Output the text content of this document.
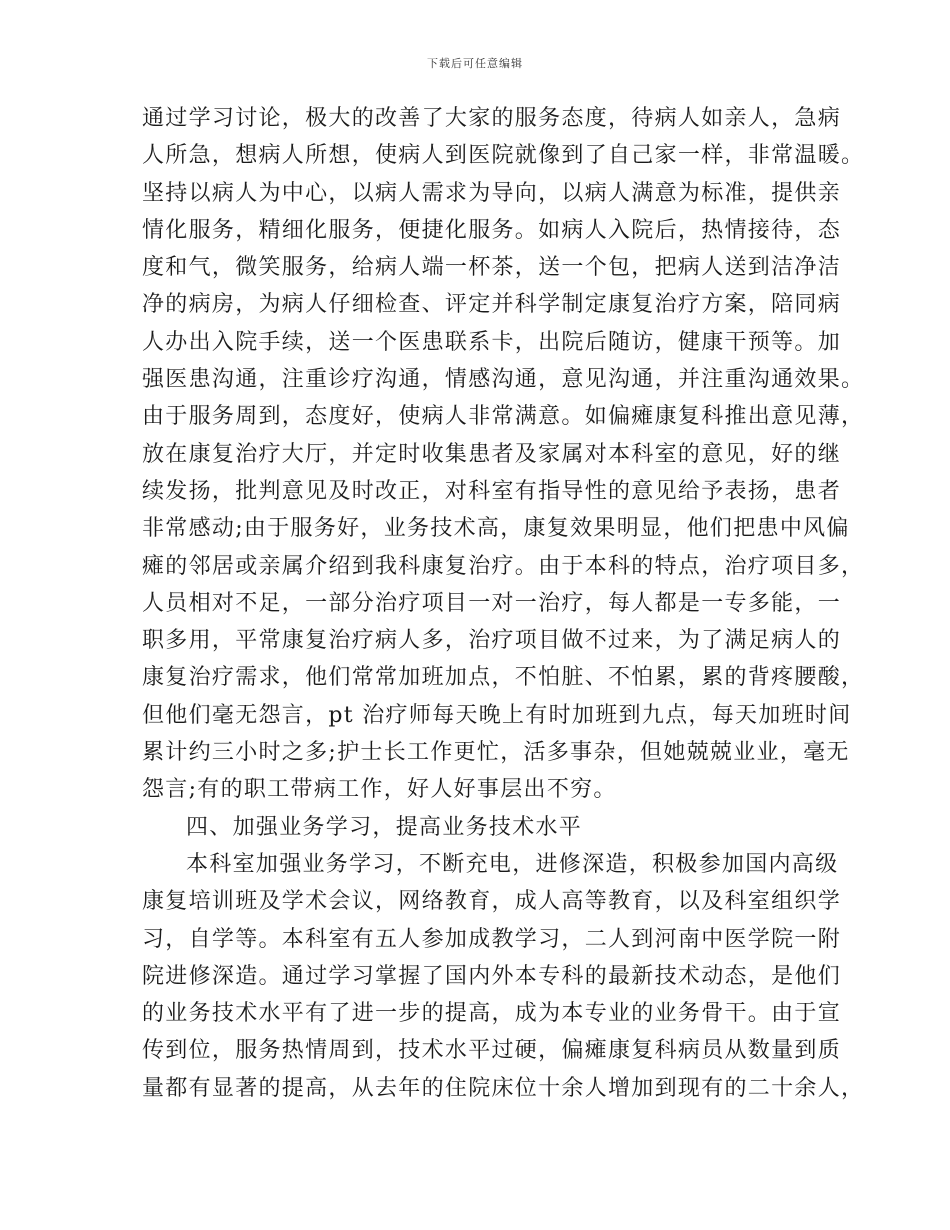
下载后可任意编辑
通过学习讨论，极大的改善了大家的服务态度，待病人如亲人，急病
人所急，想病人所想，使病人到医院就像到了自己家一样，非常温暖。
坚持以病人为中心，以病人需求为导向，以病人满意为标准，提供亲
情化服务，精细化服务，便捷化服务。如病人入院后，热情接待，态
度和气，微笑服务，给病人端一杯茶，送一个包，把病人送到洁净洁
净的病房，为病人仔细检查、评定并科学制定康复治疗方案，陪同病
人办出入院手续，送一个医患联系卡，出院后随访，健康干预等。加
强医患沟通，注重诊疗沟通，情感沟通，意见沟通，并注重沟通效果。
由于服务周到，态度好，使病人非常满意。如偏瘫康复科推出意见薄，
放在康复治疗大厅，并定时收集患者及家属对本科室的意见，好的继
续发扬，批判意见及时改正，对科室有指导性的意见给予表扬，患者
非常感动;由于服务好，业务技术高，康复效果明显，他们把患中风偏
瘫的邻居或亲属介绍到我科康复治疗。由于本科的特点，治疗项目多，
人员相对不足，一部分治疗项目一对一治疗，每人都是一专多能，一
职多用，平常康复治疗病人多，治疗项目做不过来，为了满足病人的
康复治疗需求，他们常常加班加点，不怕脏、不怕累，累的背疼腰酸，
但他们毫无怨言，pt 治疗师每天晚上有时加班到九点，每天加班时间
累计约三小时之多;护士长工作更忙，活多事杂，但她兢兢业业，毫无
怨言;有的职工带病工作，好人好事层出不穷。
四、加强业务学习，提高业务技术水平
本科室加强业务学习，不断充电，进修深造，积极参加国内高级
康复培训班及学术会议，网络教育，成人高等教育，以及科室组织学
习，自学等。本科室有五人参加成教学习，二人到河南中医学院一附
院进修深造。通过学习掌握了国内外本专科的最新技术动态，是他们
的业务技术水平有了进一步的提高，成为本专业的业务骨干。由于宣
传到位，服务热情周到，技术水平过硬，偏瘫康复科病员从数量到质
量都有显著的提高，从去年的住院床位十余人增加到现有的二十余人，
